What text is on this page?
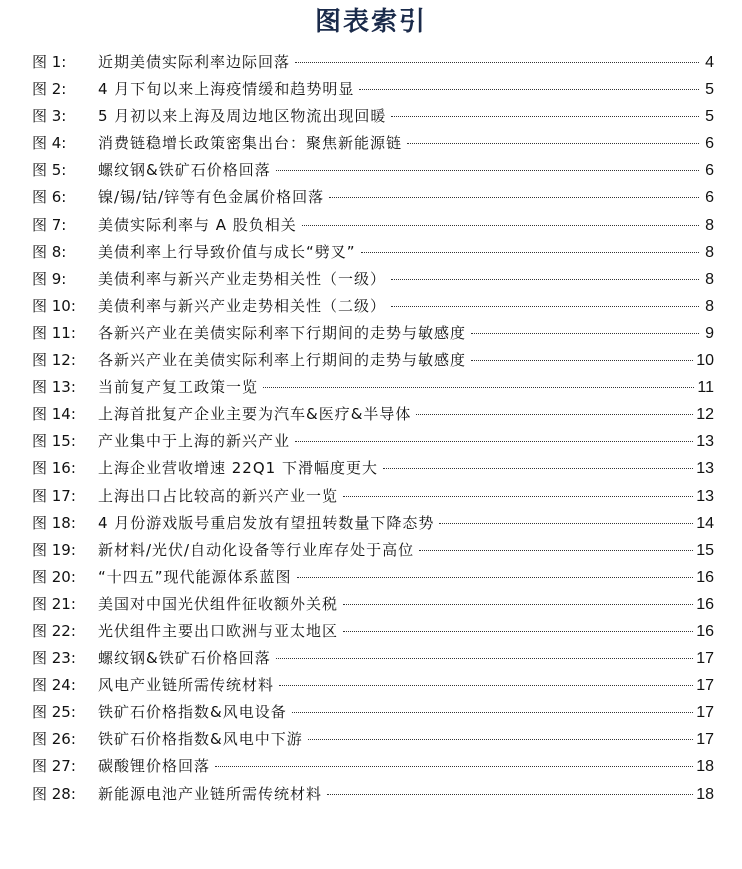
图表索引
图 1:	近期美债实际利率边际回落	4
图 2:	4 月下旬以来上海疫情缓和趋势明显	5
图 3:	5 月初以来上海及周边地区物流出现回暖	5
图 4:	消费链稳增长政策密集出台：聚焦新能源链	6
图 5:	螺纹钢&铁矿石价格回落	6
图 6:	镍/锡/钴/锌等有色金属价格回落	6
图 7:	美债实际利率与 A 股负相关	8
图 8:	美债利率上行导致价值与成长“劈叉”	8
图 9:	美债利率与新兴产业走势相关性（一级）	8
图 10:	美债利率与新兴产业走势相关性（二级）	8
图 11:	各新兴产业在美债实际利率下行期间的走势与敏感度	9
图 12:	各新兴产业在美债实际利率上行期间的走势与敏感度	10
图 13:	当前复产复工政策一览	11
图 14:	上海首批复产企业主要为汽车&医疗&半导体	12
图 15:	产业集中于上海的新兴产业	13
图 16:	上海企业营收增速 22Q1 下滑幅度更大	13
图 17:	上海出口占比较高的新兴产业一览	13
图 18:	4 月份游戏版号重启发放有望扭转数量下降态势	14
图 19:	新材料/光伏/自动化设备等行业库存处于高位	15
图 20:	“十四五”现代能源体系蓝图	16
图 21:	美国对中国光伏组件征收额外关税	16
图 22:	光伏组件主要出口欧洲与亚太地区	16
图 23:	螺纹钢&铁矿石价格回落	17
图 24:	风电产业链所需传统材料	17
图 25:	铁矿石价格指数&风电设备	17
图 26:	铁矿石价格指数&风电中下游	17
图 27:	碳酸锂价格回落	18
图 28:	新能源电池产业链所需传统材料	18
